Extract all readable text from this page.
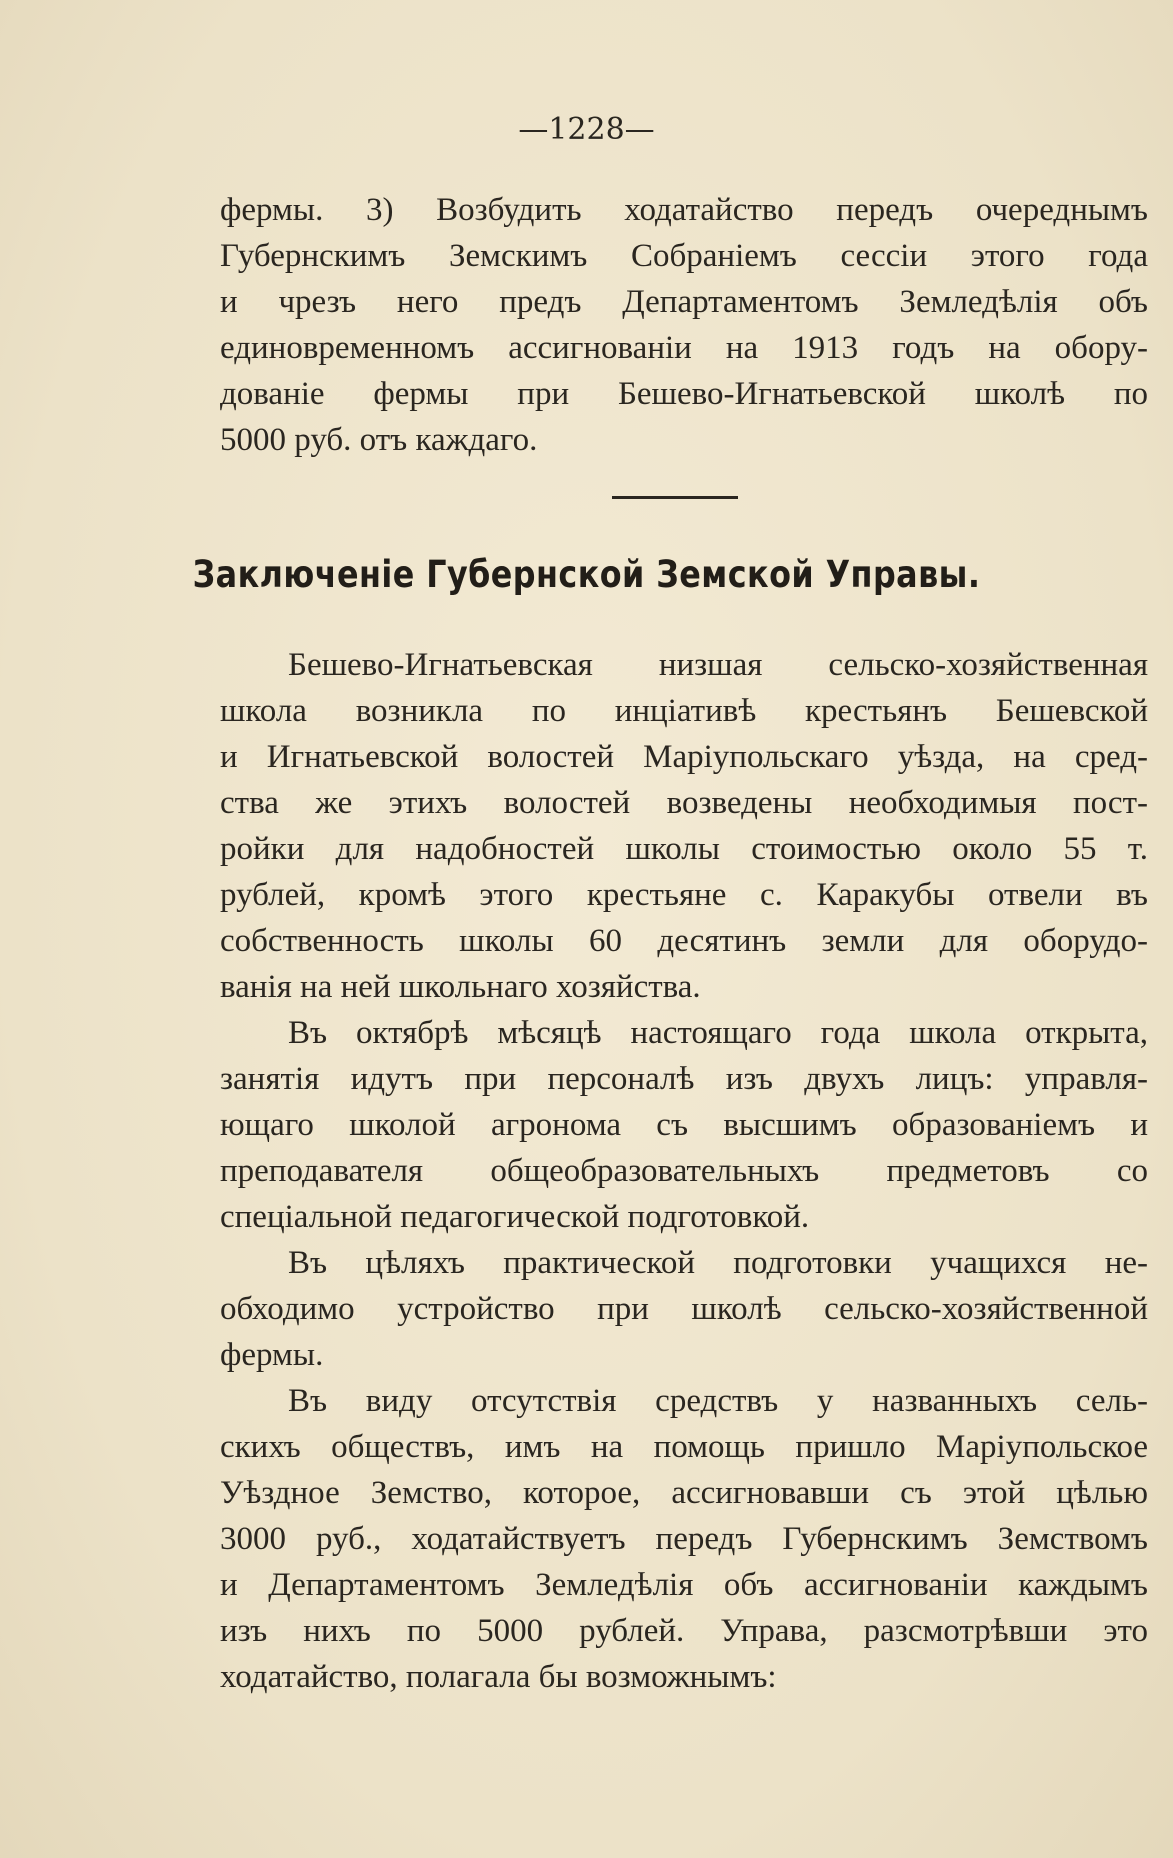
—1228—
фермы. 3) Возбудить ходатайство передъ очереднымъ
Губернскимъ Земскимъ Собраніемъ сессіи этого года
и чрезъ него предъ Департаментомъ Земледѣлія объ
единовременномъ ассигнованіи на 1913 годъ на обору-
дованіе фермы при Бешево-Игнатьевской школѣ по
5000 руб. отъ каждаго.
Заключеніе Губернской Земской Управы.
Бешево-Игнатьевская низшая сельско-хозяйственная
школа возникла по инціативѣ крестьянъ Бешевской
и Игнатьевской волостей Маріупольскаго уѣзда, на сред-
ства же этихъ волостей возведены необходимыя пост-
ройки для надобностей школы стоимостью около 55 т.
рублей, кромѣ этого крестьяне с. Каракубы отвели въ
собственность школы 60 десятинъ земли для оборудо-
ванія на ней школьнаго хозяйства.
Въ октябрѣ мѣсяцѣ настоящаго года школа открыта,
занятія идутъ при персоналѣ изъ двухъ лицъ: управля-
ющаго школой агронома съ высшимъ образованіемъ и
преподавателя общеобразовательныхъ предметовъ со
спеціальной педагогической подготовкой.
Въ цѣляхъ практической подготовки учащихся не-
обходимо устройство при школѣ сельско-хозяйственной
фермы.
Въ виду отсутствія средствъ у названныхъ сель-
скихъ обществъ, имъ на помощь пришло Маріупольское
Уѣздное Земство, которое, ассигновавши съ этой цѣлью
3000 руб., ходатайствуетъ передъ Губернскимъ Земствомъ
и Департаментомъ Земледѣлія объ ассигнованіи каждымъ
изъ нихъ по 5000 рублей. Управа, разсмотрѣвши это
ходатайство, полагала бы возможнымъ:
